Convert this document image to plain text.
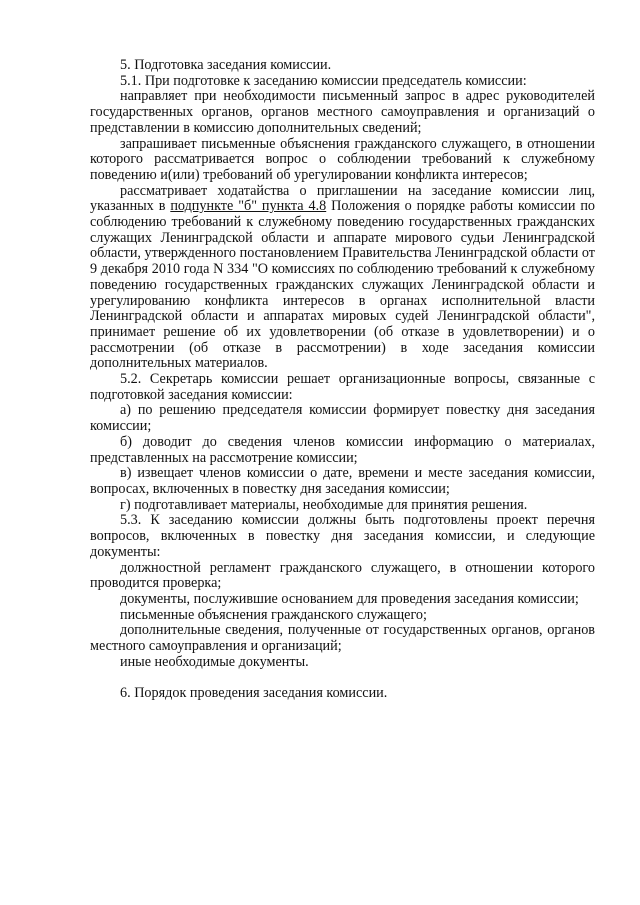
5. Подготовка заседания комиссии.

5.1. При подготовке к заседанию комиссии председатель комиссии:

направляет при необходимости письменный запрос в адрес руководителей государственных органов, органов местного самоуправления и организаций о представлении в комиссию дополнительных сведений;

запрашивает письменные объяснения гражданского служащего, в отношении которого рассматривается вопрос о соблюдении требований к служебному поведению и(или) требований об урегулировании конфликта интересов;

рассматривает ходатайства о приглашении на заседание комиссии лиц, указанных в подпункте "б" пункта 4.8 Положения о порядке работы комиссии по соблюдению требований к служебному поведению государственных гражданских служащих Ленинградской области и аппарате мирового судьи Ленинградской области, утвержденного постановлением Правительства Ленинградской области от 9 декабря 2010 года N 334 "О комиссиях по соблюдению требований к служебному поведению государственных гражданских служащих Ленинградской области и урегулированию конфликта интересов в органах исполнительной власти Ленинградской области и аппаратах мировых судей Ленинградской области", принимает решение об их удовлетворении (об отказе в удовлетворении) и о рассмотрении (об отказе в рассмотрении) в ходе заседания комиссии дополнительных материалов.

5.2. Секретарь комиссии решает организационные вопросы, связанные с подготовкой заседания комиссии:

а) по решению председателя комиссии формирует повестку дня заседания комиссии;

б) доводит до сведения членов комиссии информацию о материалах, представленных на рассмотрение комиссии;

в) извещает членов комиссии о дате, времени и месте заседания комиссии, вопросах, включенных в повестку дня заседания комиссии;

г) подготавливает материалы, необходимые для принятия решения.

5.3. К заседанию комиссии должны быть подготовлены проект перечня вопросов, включенных в повестку дня заседания комиссии, и следующие документы:

должностной регламент гражданского служащего, в отношении которого проводится проверка;

документы, послужившие основанием для проведения заседания комиссии;

письменные объяснения гражданского служащего;

дополнительные сведения, полученные от государственных органов, органов местного самоуправления и организаций;

иные необходимые документы.

6. Порядок проведения заседания комиссии.
